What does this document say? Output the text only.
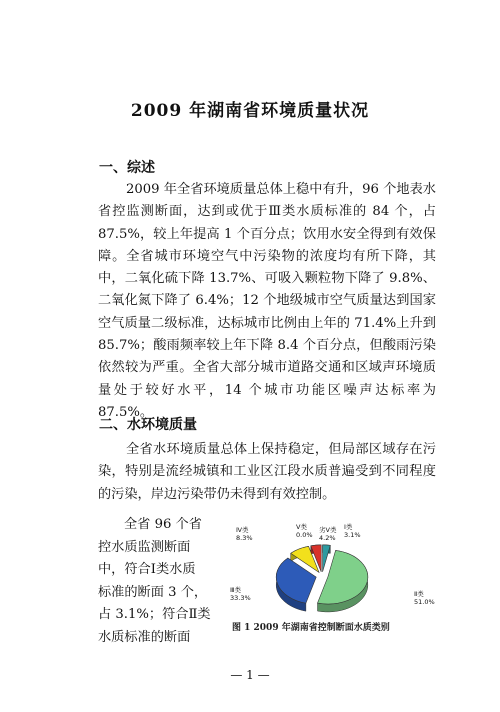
2009 年湖南省环境质量状况
一、综述

2009 年全省环境质量总体上稳中有升，96 个地表水省控监测断面，达到或优于Ⅲ类水质标准的 84 个，占 87.5%，较上年提高 1 个百分点；饮用水安全得到有效保障。全省城市环境空气中污染物的浓度均有所下降，其中，二氧化硫下降 13.7%、可吸入颗粒物下降了 9.8%、二氧化氮下降了 6.4%；12 个地级城市空气质量达到国家空气质量二级标准，达标城市比例由上年的 71.4%上升到 85.7%；酸雨频率较上年下降 8.4 个百分点，但酸雨污染依然较为严重。全省大部分城市道路交通和区域声环境质量处于较好水平，14 个城市功能区噪声达标率为 87.5%。

二、水环境质量

全省水环境质量总体上保持稳定，但局部区域存在污染，特别是流经城镇和工业区江段水质普遍受到不同程度的污染，岸边污染带仍未得到有效控制。

全省 96 个省

控水质监测断面

中，符合Ⅰ类水质

标准的断面 3 个，

占 3.1%；符合Ⅱ类

水质标准的断面

Ⅰ类
3.1%
Ⅱ类
51.0%
Ⅲ类
33.3%
Ⅳ类
8.3%
Ⅴ类
0.0%
劣Ⅴ类
4.2%
图 1 2009 年湖南省控制断面水质类别
— 1 —
